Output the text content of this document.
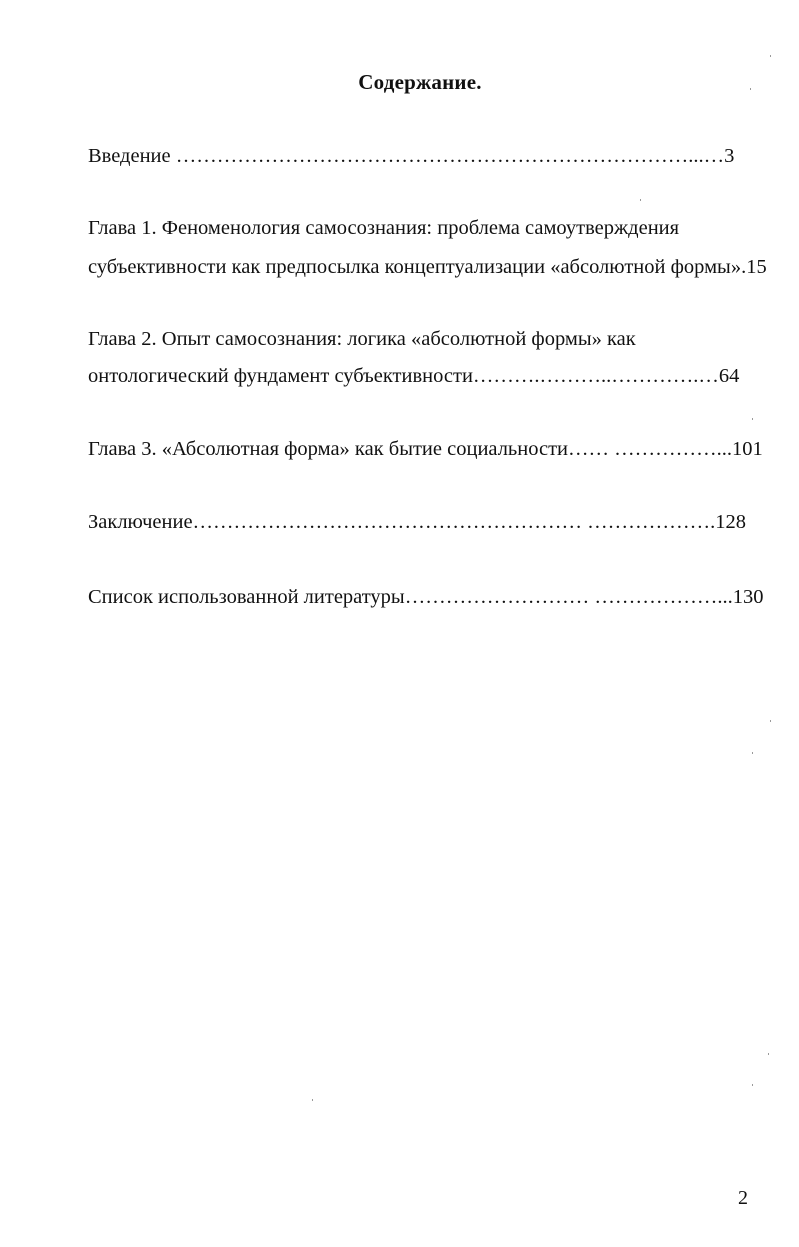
Содержание.
Введение …………………………………………………………………...…3
Глава 1. Феноменология самосознания: проблема самоутверждения
субъективности как предпосылка концептуализации «абсолютной формы».15
Глава 2. Опыт самосознания: логика «абсолютной формы» как
онтологический фундамент субъективности……….………..………….…64
Глава 3. «Абсолютная форма» как бытие социальности…… ……………...101
Заключение………………………………………………… ……………….128
Список использованной литературы……………………… ………………...130
2
